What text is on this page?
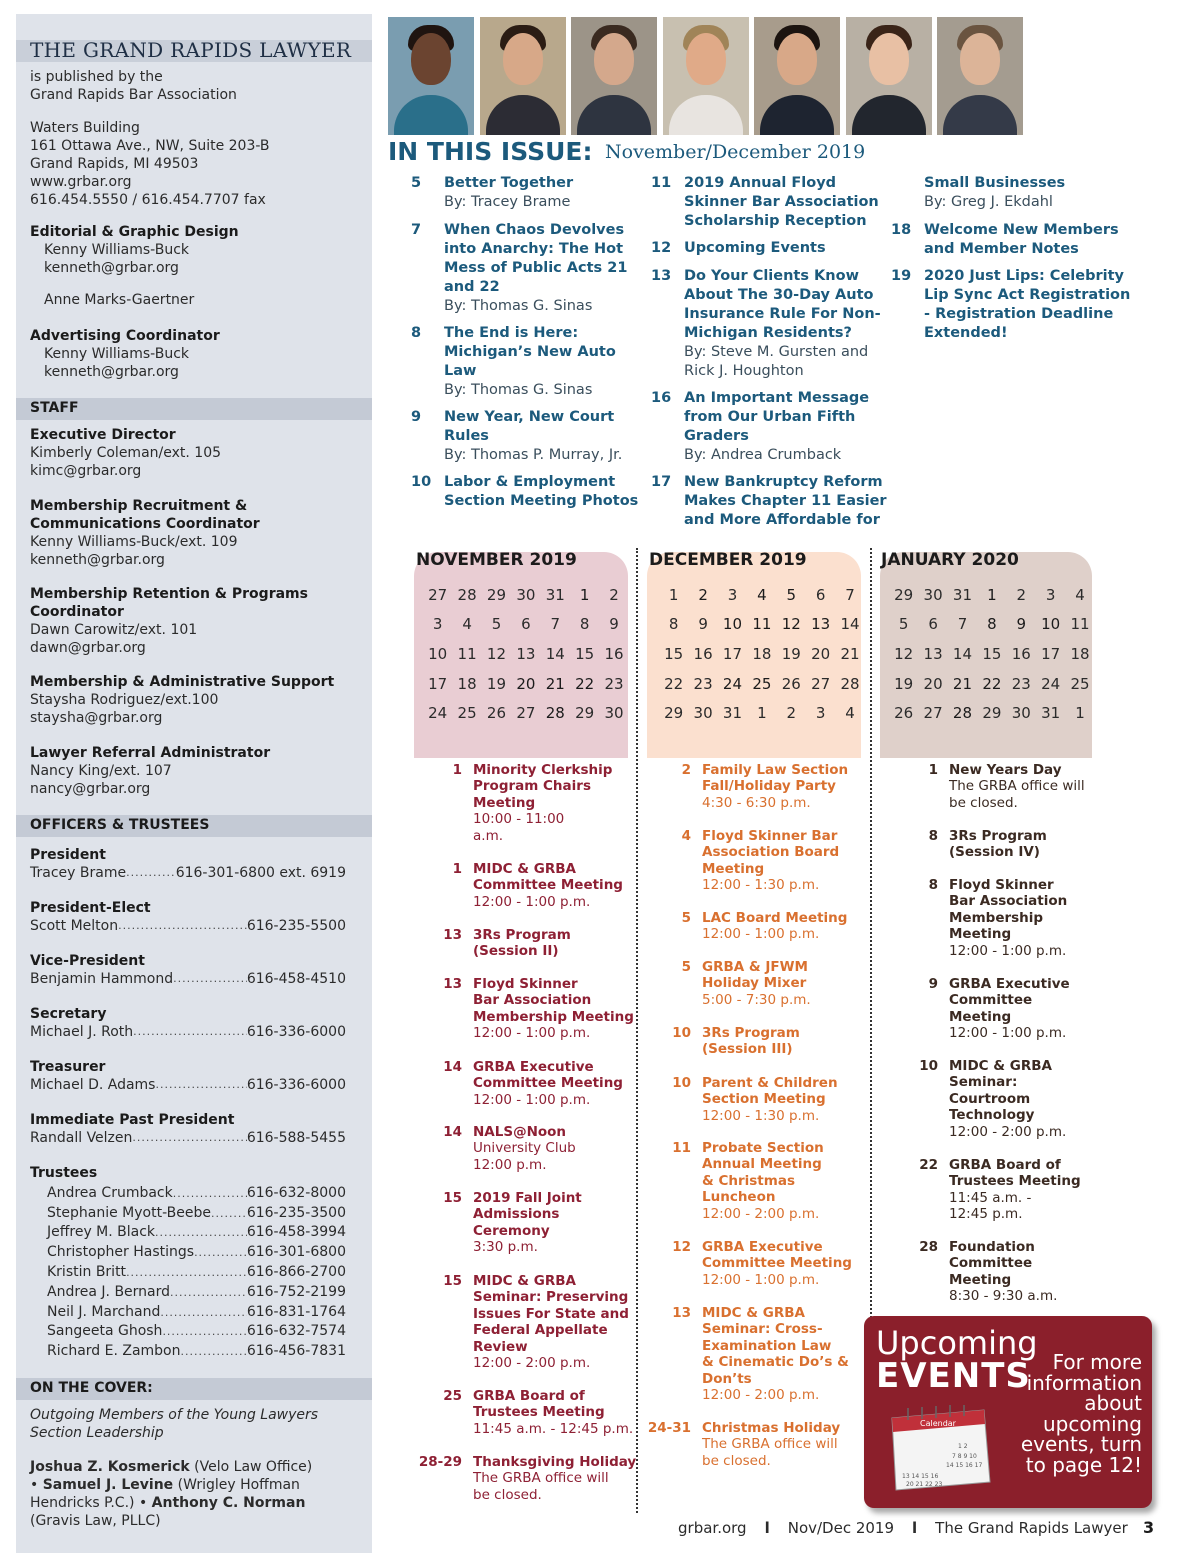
THE GRAND RAPIDS LAWYER
is published by the
Grand Rapids Bar Association
Waters Building
161 Ottawa Ave., NW, Suite 203-B
Grand Rapids, MI 49503
www.grbar.org
616.454.5550 / 616.454.7707 fax
Editorial & Graphic Design
Kenny Williams-Buck
kenneth@grbar.org
Anne Marks-Gaertner
Advertising Coordinator
Kenny Williams-Buck
kenneth@grbar.org
STAFF
Executive Director
Kimberly Coleman/ext. 105
kimc@grbar.org
Membership Recruitment &
Communications Coordinator
Kenny Williams-Buck/ext. 109
kenneth@grbar.org
Membership Retention & Programs
Coordinator
Dawn Carowitz/ext. 101
dawn@grbar.org
Membership & Administrative Support
Staysha Rodriguez/ext.100
staysha@grbar.org
Lawyer Referral Administrator
Nancy King/ext. 107
nancy@grbar.org
OFFICERS & TRUSTEES
President
Tracey Brame .....	616-301-6800 ext. 6919
President-Elect
Scott Melton .....	616-235-5500
Vice-President
Benjamin Hammond .....	616-458-4510
Secretary
Michael J. Roth .....	616-336-6000
Treasurer
Michael D. Adams .....	616-336-6000
Immediate Past President
Randall Velzen .....	616-588-5455
Trustees
Andrea Crumback .....	616-632-8000
Stephanie Myott-Beebe .....	616-235-3500
Jeffrey M. Black .....	616-458-3994
Christopher Hastings .....	616-301-6800
Kristin Britt .....	616-866-2700
Andrea J. Bernard .....	616-752-2199
Neil J. Marchand .....	616-831-1764
Sangeeta Ghosh .....	616-632-7574
Richard E. Zambon .....	616-456-7831
ON THE COVER:
Outgoing Members of the Young Lawyers
Section Leadership
Joshua Z. Kosmerick (Velo Law Office)
• Samuel J. Levine (Wrigley Hoffman
Hendricks P.C.) • Anthony C. Norman
(Gravis Law, PLLC)
IN THIS ISSUE: November/December 2019
5 Better Together
By: Tracey Brame
7 When Chaos Devolves
into Anarchy: The Hot
Mess of Public Acts 21
and 22
By: Thomas G. Sinas
8 The End is Here:
Michigan’s New Auto
Law
By: Thomas G. Sinas
9 New Year, New Court
Rules
By: Thomas P. Murray, Jr.
10 Labor & Employment
Section Meeting Photos
11 2019 Annual Floyd
Skinner Bar Association
Scholarship Reception
12 Upcoming Events
13 Do Your Clients Know
About The 30-Day Auto
Insurance Rule For Non-
Michigan Residents?
By: Steve M. Gursten and
Rick J. Houghton
16 An Important Message
from Our Urban Fifth
Graders
By: Andrea Crumback
17 New Bankruptcy Reform
Makes Chapter 11 Easier
and More Affordable for
Small Businesses
By: Greg J. Ekdahl
18 Welcome New Members
and Member Notes
19 2020 Just Lips: Celebrity
Lip Sync Act Registration
- Registration Deadline
Extended!
NOVEMBER 2019	DECEMBER 2019	JANUARY 2020
27 28 29 30 31	1	2
3	4	5	6	7	8	9
10 11 12 13 14 15 16
17 18 19 20 21 22 23
24 25 26 27 28 29 30
1	2	3	4	5	6	7
8	9	10 11 12 13 14
15 16 17 18 19 20 21
22 23 24 25 26 27 28
29 30 31	1	2	3	4
29 30 31	1	2	3	4
5	6	7	8	9	10 11
12 13 14 15 16 17 18
19 20 21 22 23 24 25
26 27 28 29 30 31	1
1 Minority Clerkship
Program Chairs
Meeting
10:00 - 11:00
a.m.
1 MIDC & GRBA
Committee Meeting
12:00 - 1:00 p.m.
13 3Rs Program
(Session II)
13 Floyd Skinner
Bar Association
Membership Meeting
12:00 - 1:00 p.m.
14 GRBA Executive
Committee Meeting
12:00 - 1:00 p.m.
14 NALS@Noon
University Club
12:00 p.m.
15 2019 Fall Joint
Admissions
Ceremony
3:30 p.m.
15 MIDC & GRBA
Seminar: Preserving
Issues For State and
Federal Appellate
Review
12:00 - 2:00 p.m.
25 GRBA Board of
Trustees Meeting
11:45 a.m. - 12:45 p.m.
28-29 Thanksgiving Holiday
The GRBA office will
be closed.
2 Family Law Section
Fall/Holiday Party
4:30 - 6:30 p.m.
4 Floyd Skinner Bar
Association Board
Meeting
12:00 - 1:30 p.m.
5 LAC Board Meeting
12:00 - 1:00 p.m.
5 GRBA & JFWM
Holiday Mixer
5:00 - 7:30 p.m.
10 3Rs Program
(Session III)
10 Parent & Children
Section Meeting
12:00 - 1:30 p.m.
11 Probate Section
Annual Meeting
& Christmas
Luncheon
12:00 - 2:00 p.m.
12 GRBA Executive
Committee Meeting
12:00 - 1:00 p.m.
13 MIDC & GRBA
Seminar: Cross-
Examination Law
& Cinematic Do’s &
Don’ts
12:00 - 2:00 p.m.
24-31 Christmas Holiday
The GRBA office will
be closed.
1 New Years Day
The GRBA office will
be closed.
8 3Rs Program
(Session IV)
8 Floyd Skinner
Bar Association
Membership
Meeting
12:00 - 1:00 p.m.
9 GRBA Executive
Committee
Meeting
12:00 - 1:00 p.m.
10 MIDC & GRBA
Seminar:
Courtroom
Technology
12:00 - 2:00 p.m.
22 GRBA Board of
Trustees Meeting
11:45 a.m. -
12:45 p.m.
28 Foundation
Committee
Meeting
8:30 - 9:30 a.m.
Upcoming
EVENTS	For more
information
about
upcoming
events, turn
to page 12!
Calendar
1 2
7 8 9 10
14 15 16 17
13 14 15 16
20 21 22 23
grbar.org l Nov/Dec 2019 l The Grand Rapids Lawyer 3
